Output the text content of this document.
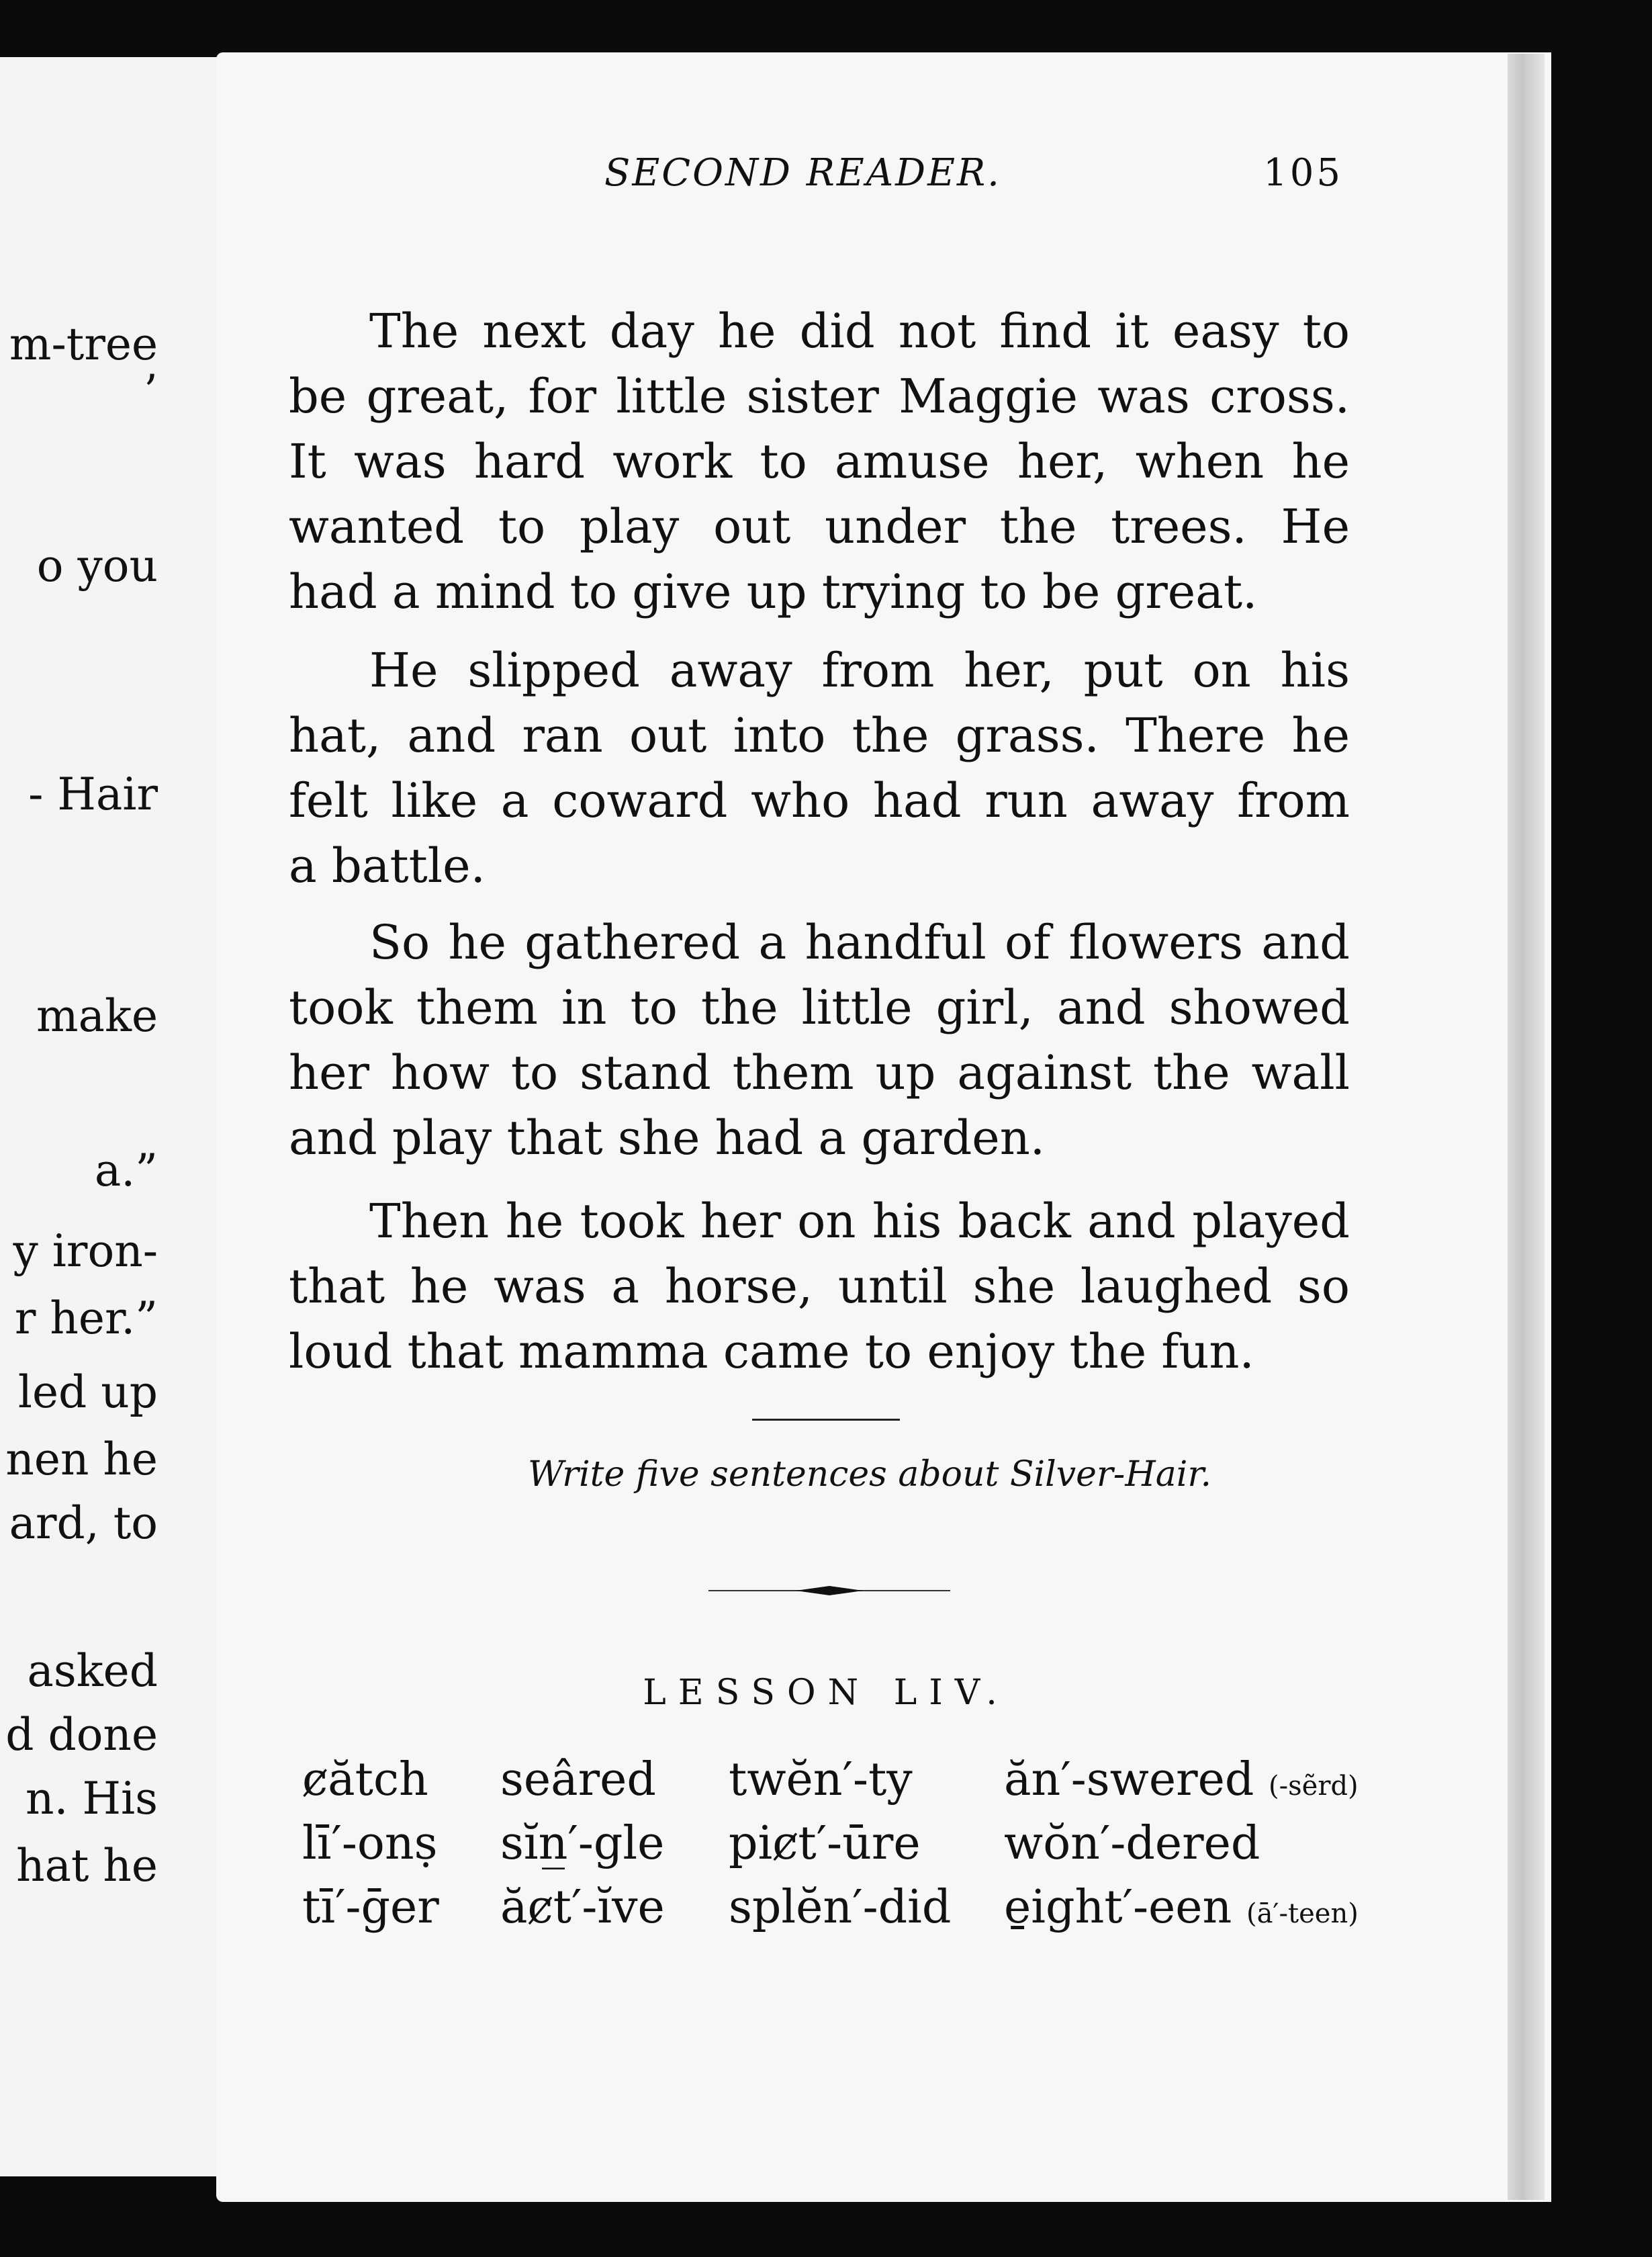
m-tree
’
o you
- Hair
make
a.”
y iron-
r her.”
led up
nen he
ard, to
asked
d done
n. His
hat he
SECOND READER.	105
The next day he did not find it easy to
be great, for little sister Maggie was cross.
It was hard work to amuse her, when he
wanted to play out under the trees. He
had a mind to give up trying to be great.
He slipped away from her, put on his
hat, and ran out into the grass. There he
felt like a coward who had run away from
a battle.
So he gathered a handful of flowers and
took them in to the little girl, and showed
her how to stand them up against the wall
and play that she had a garden.
Then he took her on his back and played
that he was a horse, until she laughed so
loud that mamma came to enjoy the fun.
Write five sentences about Silver-Hair.
LESSON LIV.
ȼătch seâred twĕn′-ty ăn′-swered (-sẽrd)
lī′-onṣ sĭn̲′-gle piȼt′-ūre wŏn′-dered
tī′-ḡer ăȼt′-ĭve splĕn′-did e̱ight′-een (ā′-teen)
